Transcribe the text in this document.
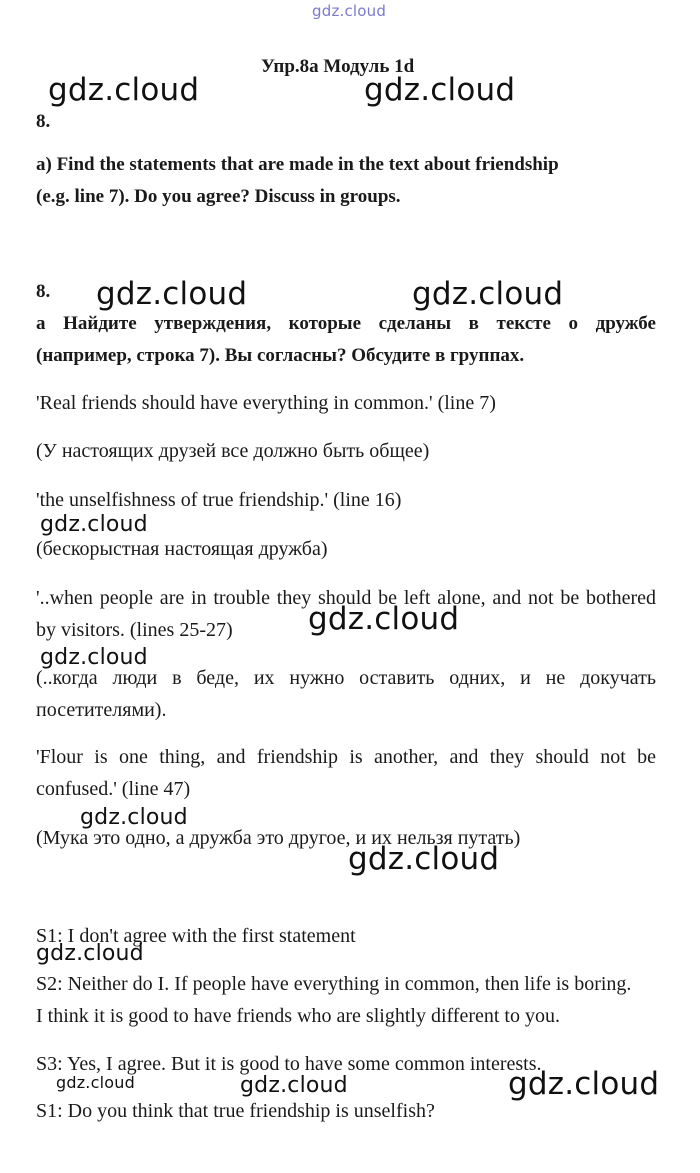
gdz.cloud
Упр.8a Модуль 1d
8.
a) Find the statements that are made in the text about friendship
(e.g. line 7). Do you agree? Discuss in groups.
8.
а Найдите утверждения, которые сделаны в тексте о дружбе
(например, строка 7). Вы согласны? Обсудите в группах.
'Real friends should have everything in common.' (line 7)
(У настоящих друзей все должно быть общее)
'the unselfishness of true friendship.' (line 16)
(бескорыстная настоящая дружба)
'..when people are in trouble they should be left alone, and not be bothered
by visitors. (lines 25-27)
(..когда люди в беде, их нужно оставить одних, и не докучать
посетителями).
'Flour is one thing, and friendship is another, and they should not be
confused.' (line 47)
(Мука это одно, а дружба это другое, и их нельзя путать)
S1: I don't agree with the first statement
S2: Neither do I. If people have everything in common, then life is boring.
I think it is good to have friends who are slightly different to you.
S3: Yes, I agree. But it is good to have some common interests.
S1: Do you think that true friendship is unselfish?
gdz.cloud	gdz.cloud
gdz.cloud	gdz.cloud
gdz.cloud
gdz.cloud
gdz.cloud
gdz.cloud
gdz.cloud
gdz.cloud
gdz.cloud	gdz.cloud	gdz.cloud
